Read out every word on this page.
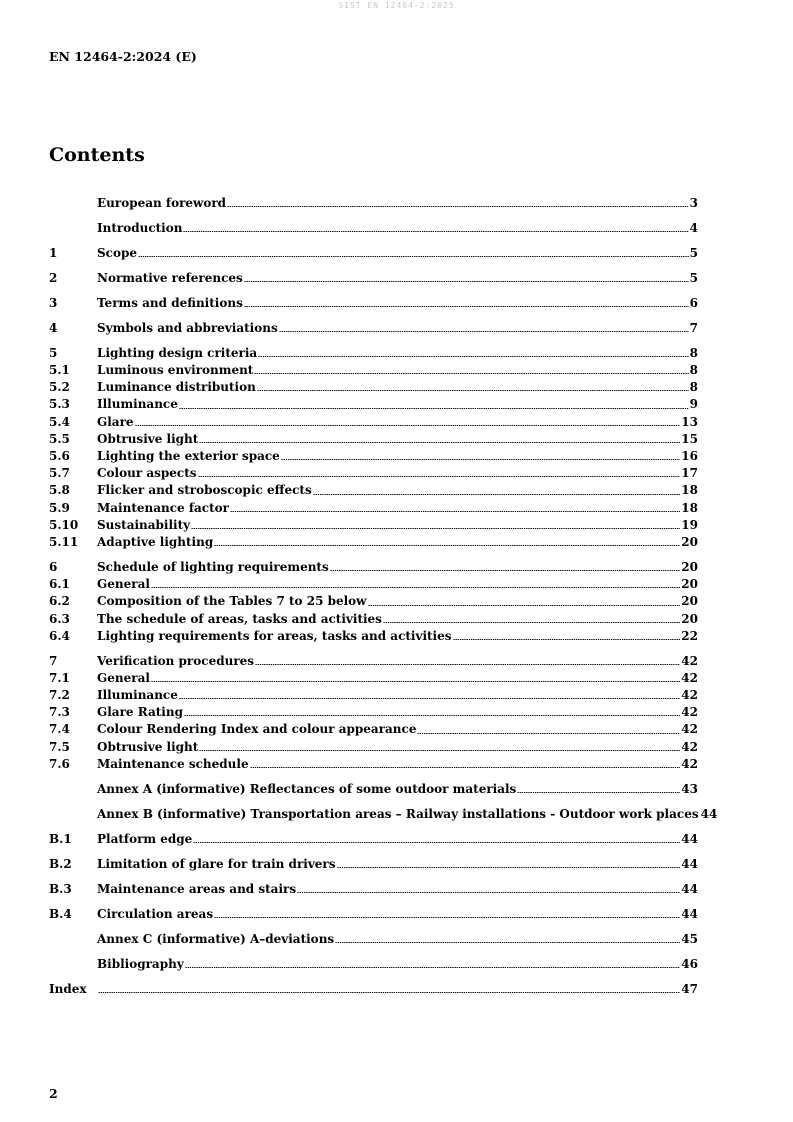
SIST EN 12464-2:2025
EN 12464-2:2024 (E)
Contents
European foreword	3
Introduction	4
1	Scope	5
2	Normative references	5
3	Terms and definitions	6
4	Symbols and abbreviations	7
5	Lighting design criteria	8
5.1	Luminous environment	8
5.2	Luminance distribution	8
5.3	Illuminance	9
5.4	Glare	13
5.5	Obtrusive light	15
5.6	Lighting the exterior space	16
5.7	Colour aspects	17
5.8	Flicker and stroboscopic effects	18
5.9	Maintenance factor	18
5.10	Sustainability	19
5.11	Adaptive lighting	20
6	Schedule of lighting requirements	20
6.1	General	20
6.2	Composition of the Tables 7 to 25 below	20
6.3	The schedule of areas, tasks and activities	20
6.4	Lighting requirements for areas, tasks and activities	22
7	Verification procedures	42
7.1	General	42
7.2	Illuminance	42
7.3	Glare Rating	42
7.4	Colour Rendering Index and colour appearance	42
7.5	Obtrusive light	42
7.6	Maintenance schedule	42
Annex A (informative) Reflectances of some outdoor materials	43
Annex B (informative) Transportation areas – Railway installations - Outdoor work places 44
B.1	Platform edge	44
B.2	Limitation of glare for train drivers	44
B.3	Maintenance areas and stairs	44
B.4	Circulation areas	44
Annex C (informative) A–deviations	45
Bibliography	46
Index	47
2
